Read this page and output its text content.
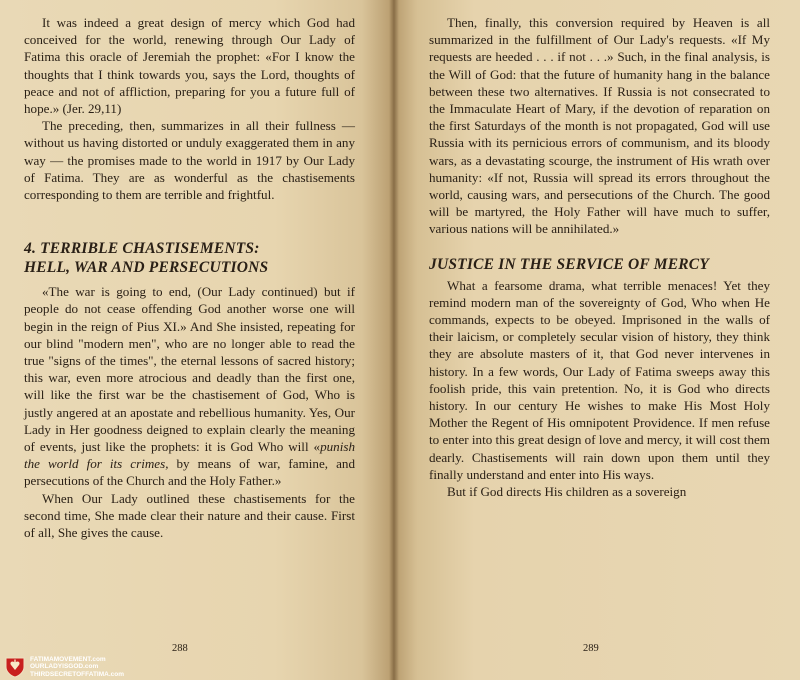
It was indeed a great design of mercy which God had conceived for the world, renewing through Our Lady of Fatima this oracle of Jeremiah the prophet: «For I know the thoughts that I think towards you, says the Lord, thoughts of peace and not of affliction, preparing for you a future full of hope.» (Jer. 29,11)

The preceding, then, summarizes in all their fullness — without us having distorted or unduly exaggerated them in any way — the promises made to the world in 1917 by Our Lady of Fatima. They are as wonderful as the chastisements corresponding to them are terrible and frightful.

4. TERRIBLE CHASTISEMENTS:
HELL, WAR AND PERSECUTIONS

«The war is going to end, (Our Lady continued) but if people do not cease offending God another worse one will begin in the reign of Pius XI.» And She insisted, repeating for our blind "modern men", who are no longer able to read the true "signs of the times", the eternal lessons of sacred history; this war, even more atrocious and deadly than the first one, will like the first war be the chastisement of God, Who is justly angered at an apostate and rebellious humanity. Yes, Our Lady in Her goodness deigned to explain clearly the meaning of events, just like the prophets: it is God Who will «punish the world for its crimes, by means of war, famine, and persecutions of the Church and the Holy Father.»

When Our Lady outlined these chastisements for the second time, She made clear their nature and their cause. First of all, She gives the cause.

288

Then, finally, this conversion required by Heaven is all summarized in the fulfillment of Our Lady's requests. «If My requests are heeded . . . if not . . .» Such, in the final analysis, is the Will of God: that the future of humanity hang in the balance between these two alternatives. If Russia is not consecrated to the Immaculate Heart of Mary, if the devotion of reparation on the first Saturdays of the month is not propagated, God will use Russia with its pernicious errors of communism, and its bloody wars, as a devastating scourge, the instrument of His wrath over humanity: «If not, Russia will spread its errors throughout the world, causing wars, and persecutions of the Church. The good will be martyred, the Holy Father will have much to suffer, various nations will be annihilated.»

JUSTICE IN THE SERVICE OF MERCY

What a fearsome drama, what terrible menaces! Yet they remind modern man of the sovereignty of God, Who when He commands, expects to be obeyed. Imprisoned in the walls of their laicism, or completely secular vision of history, they think they are absolute masters of it, that God never intervenes in history. In a few words, Our Lady of Fatima sweeps away this foolish pride, this vain pretention. No, it is God who directs history. In our century He wishes to make His Most Holy Mother the Regent of His omnipotent Providence. If men refuse to enter into this great design of love and mercy, it will cost them dearly. Chastisements will rain down upon them until they finally understand and enter into His ways.

But if God directs His children as a sovereign

289
FATIMAMOVEMENT.com
OURLADYISGOD.com
THIRDSECRETOFFATIMA.com
